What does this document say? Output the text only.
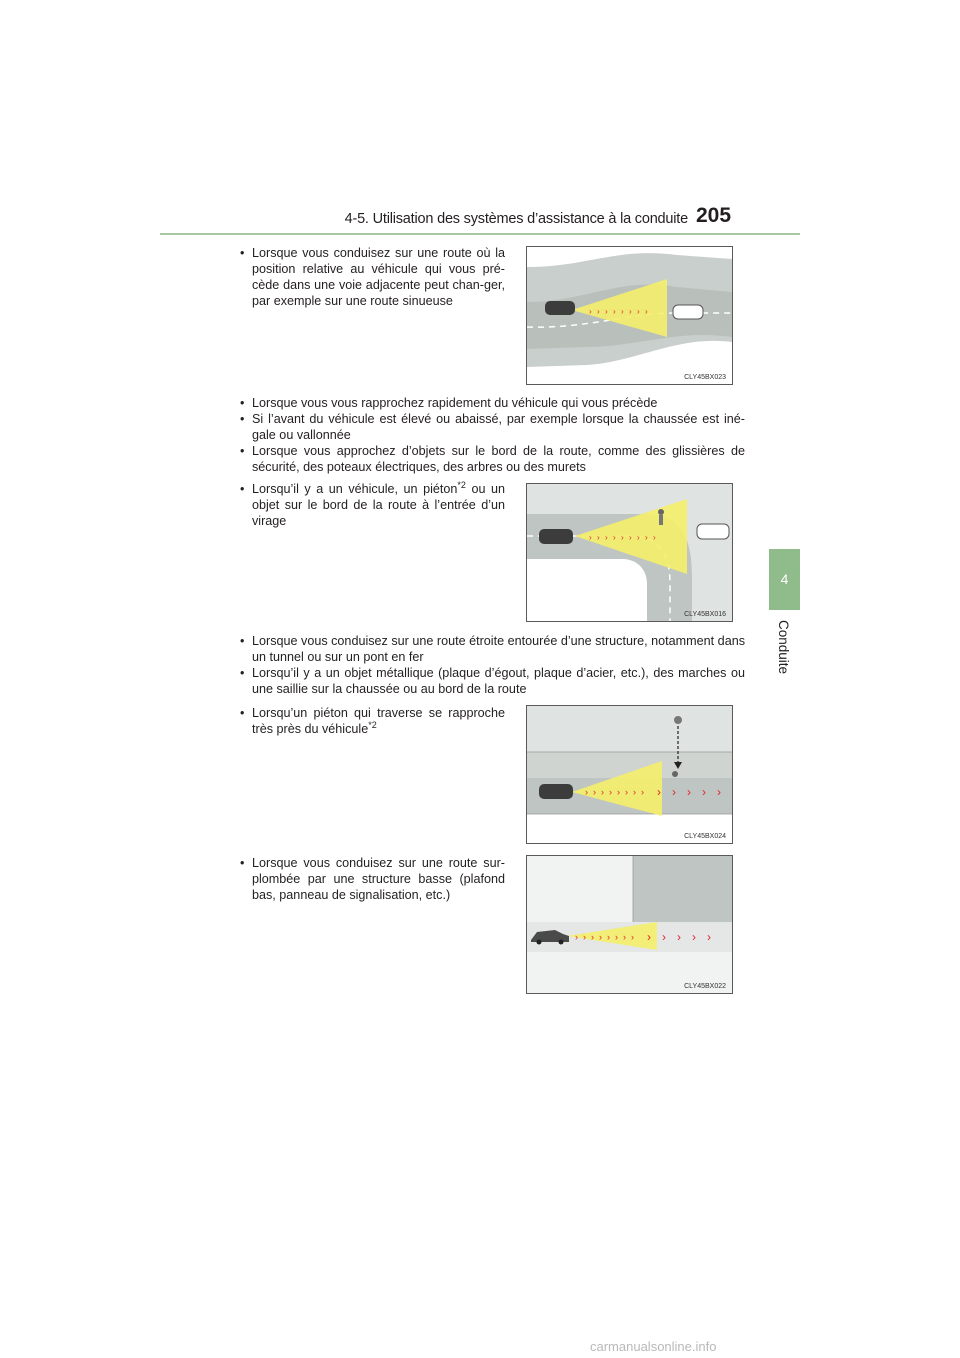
4-5. Utilisation des systèmes d’assistance à la conduite 205
4
Conduite
• Lorsque vous conduisez sur une route où la position relative au véhicule qui vous pré-cède dans une voie adjacente peut chan-ger, par exemple sur une route sinueuse
› › › › › › › ›
CLY45BX023
• Lorsque vous vous rapprochez rapidement du véhicule qui vous précède
• Si l’avant du véhicule est élevé ou abaissé, par exemple lorsque la chaussée est iné-gale ou vallonnée
• Lorsque vous approchez d’objets sur le bord de la route, comme des glissières de sécurité, des poteaux électriques, des arbres ou des murets
• Lorsqu’il y a un véhicule, un piéton$^{*2}$ ou un objet sur le bord de la route à l’entrée d’un virage
› › › › › › › › ›
CLY45BX016
• Lorsque vous conduisez sur une route étroite entourée d’une structure, notamment dans un tunnel ou sur un pont en fer
• Lorsqu’il y a un objet métallique (plaque d’égout, plaque d’acier, etc.), des marches ou une saillie sur la chaussée ou au bord de la route
• Lorsqu’un piéton qui traverse se rapproche très près du véhicule$^{*2}$
› › › › › › › › › › › › ›
CLY45BX024
• Lorsque vous conduisez sur une route sur-plombée par une structure basse (plafond bas, panneau de signalisation, etc.)
› › › › › › › › › › › › ›
CLY45BX022
carmanualsonline.info
